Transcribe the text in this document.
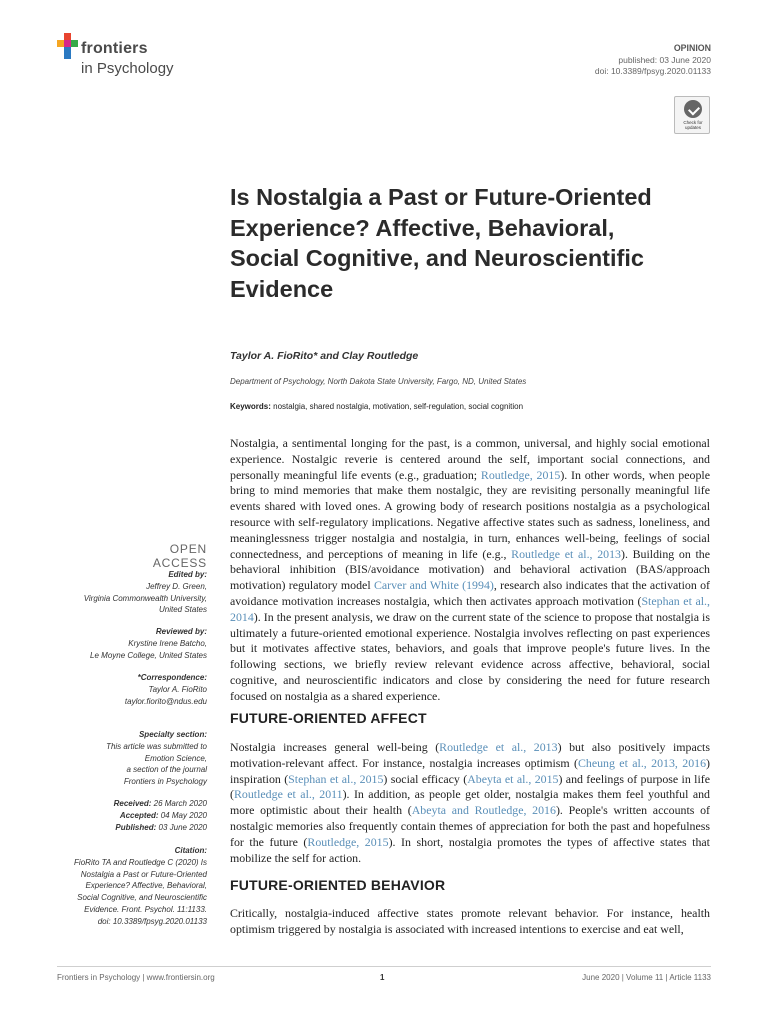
frontiers
in Psychology
OPINION
published: 03 June 2020
doi: 10.3389/fpsyg.2020.01133
Check for updates
Is Nostalgia a Past or Future-Oriented Experience? Affective, Behavioral, Social Cognitive, and Neuroscientific Evidence
Taylor A. FioRito* and Clay Routledge
Department of Psychology, North Dakota State University, Fargo, ND, United States
Keywords: nostalgia, shared nostalgia, motivation, self-regulation, social cognition
OPEN ACCESS
Edited by:
Jeffrey D. Green,
Virginia Commonwealth University,
United States
Reviewed by:
Krystine Irene Batcho,
Le Moyne College, United States
*Correspondence:
Taylor A. FioRito
taylor.fiorito@ndus.edu
Specialty section:
This article was submitted to
Emotion Science,
a section of the journal
Frontiers in Psychology
Received: 26 March 2020
Accepted: 04 May 2020
Published: 03 June 2020
Citation:
FioRito TA and Routledge C (2020) Is
Nostalgia a Past or Future-Oriented
Experience? Affective, Behavioral,
Social Cognitive, and Neuroscientific
Evidence. Front. Psychol. 11:1133.
doi: 10.3389/fpsyg.2020.01133
Nostalgia, a sentimental longing for the past, is a common, universal, and highly social emotional experience. Nostalgic reverie is centered around the self, important social connections, and personally meaningful life events (e.g., graduation; Routledge, 2015). In other words, when people bring to mind memories that make them nostalgic, they are revisiting personally meaningful life events shared with loved ones. A growing body of research positions nostalgia as a psychological resource with self-regulatory implications. Negative affective states such as sadness, loneliness, and meaninglessness trigger nostalgia and nostalgia, in turn, enhances well-being, feelings of social connectedness, and perceptions of meaning in life (e.g., Routledge et al., 2013). Building on the behavioral inhibition (BIS/avoidance motivation) and behavioral activation (BAS/approach motivation) regulatory model Carver and White (1994), research also indicates that the activation of avoidance motivation increases nostalgia, which then activates approach motivation (Stephan et al., 2014). In the present analysis, we draw on the current state of the science to propose that nostalgia is ultimately a future-oriented emotional experience. Nostalgia involves reflecting on past experiences but it motivates affective states, behaviors, and goals that improve people's future lives. In the following sections, we briefly review relevant evidence across affective, behavioral, social cognitive, and neuroscientific indicators and close by considering the need for future research focused on nostalgia as a shared experience.
FUTURE-ORIENTED AFFECT
Nostalgia increases general well-being (Routledge et al., 2013) but also positively impacts motivation-relevant affect. For instance, nostalgia increases optimism (Cheung et al., 2013, 2016) inspiration (Stephan et al., 2015) social efficacy (Abeyta et al., 2015) and feelings of purpose in life (Routledge et al., 2011). In addition, as people get older, nostalgia makes them feel youthful and more optimistic about their health (Abeyta and Routledge, 2016). People's written accounts of nostalgic memories also frequently contain themes of appreciation for both the past and hopefulness for the future (Routledge, 2015). In short, nostalgia promotes the types of affective states that mobilize the self for action.
FUTURE-ORIENTED BEHAVIOR
Critically, nostalgia-induced affective states promote relevant behavior. For instance, health optimism triggered by nostalgia is associated with increased intentions to exercise and eat well,
Frontiers in Psychology | www.frontiersin.org	1	June 2020 | Volume 11 | Article 1133
